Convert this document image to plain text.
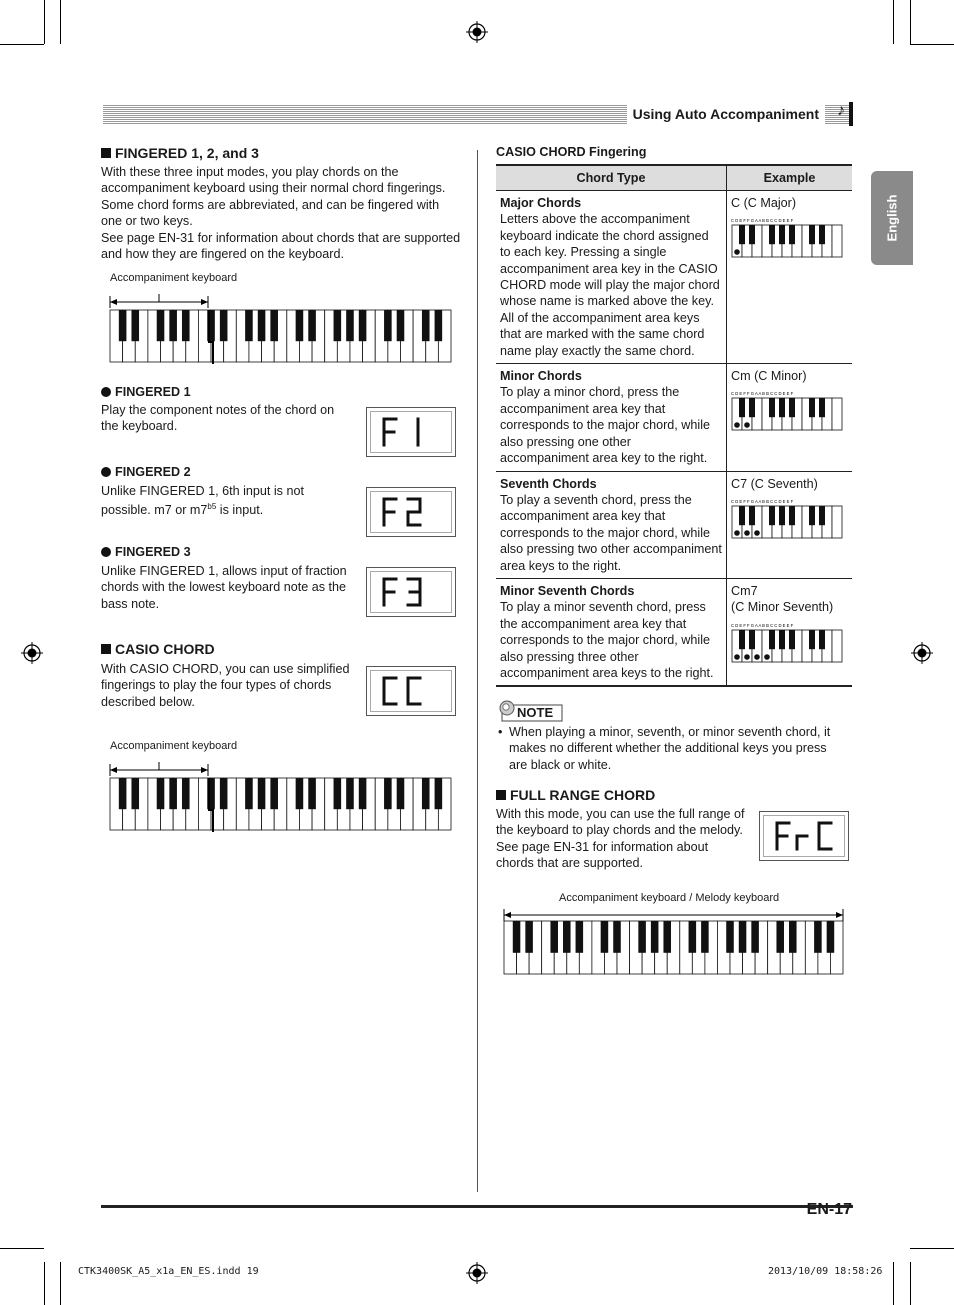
Using Auto Accompaniment	♪
English
FINGERED 1, 2, and 3
With these three input modes, you play chords on the accompaniment keyboard using their normal chord fingerings. Some chord forms are abbreviated, and can be fingered with one or two keys.
See page EN-31 for information about chords that are supported and how they are fingered on the keyboard.
Accompaniment keyboard
FINGERED 1
Play the component notes of the chord on the keyboard.
FINGERED 2
Unlike FINGERED 1, 6th input is not possible. m7 or $m7^{b5}$ is input.
FINGERED 3
Unlike FINGERED 1, allows input of fraction chords with the lowest keyboard note as the bass note.
CASIO CHORD
With CASIO CHORD, you can use simplified fingerings to play the four types of chords described below.
Accompaniment keyboard
CASIO CHORD Fingering
Chord Type	Example
Major Chords
Letters above the accompaniment keyboard indicate the chord assigned to each key. Pressing a single accompaniment area key in the CASIO CHORD mode will play the major chord whose name is marked above the key. All of the accompaniment area keys that are marked with the same chord name play exactly the same chord.	C (C Major)
C D E F F G A A B B C C D E E F

Minor Chords
To play a minor chord, press the accompaniment area key that corresponds to the major chord, while also pressing one other accompaniment area key to the right.	Cm (C Minor)
C D E F F G A A B B C C D E E F

Seventh Chords
To play a seventh chord, press the accompaniment area key that corresponds to the major chord, while also pressing two other accompaniment area keys to the right.	C7 (C Seventh)
C D E F F G A A B B C C D E E F

Minor Seventh Chords
To play a minor seventh chord, press the accompaniment area key that corresponds to the major chord, while also pressing three other accompaniment area keys to the right.	Cm7
(C Minor Seventh)
C D E F F G A A B B C C D E E F
NOTE
• When playing a minor, seventh, or minor seventh chord, it makes no different whether the additional keys you press are black or white.
FULL RANGE CHORD
With this mode, you can use the full range of the keyboard to play chords and the melody.
See page EN-31 for information about chords that are supported.
Accompaniment keyboard / Melody keyboard
EN-17
CTK3400SK_A5_x1a_EN_ES.indd 19	2013/10/09 18:58:26
